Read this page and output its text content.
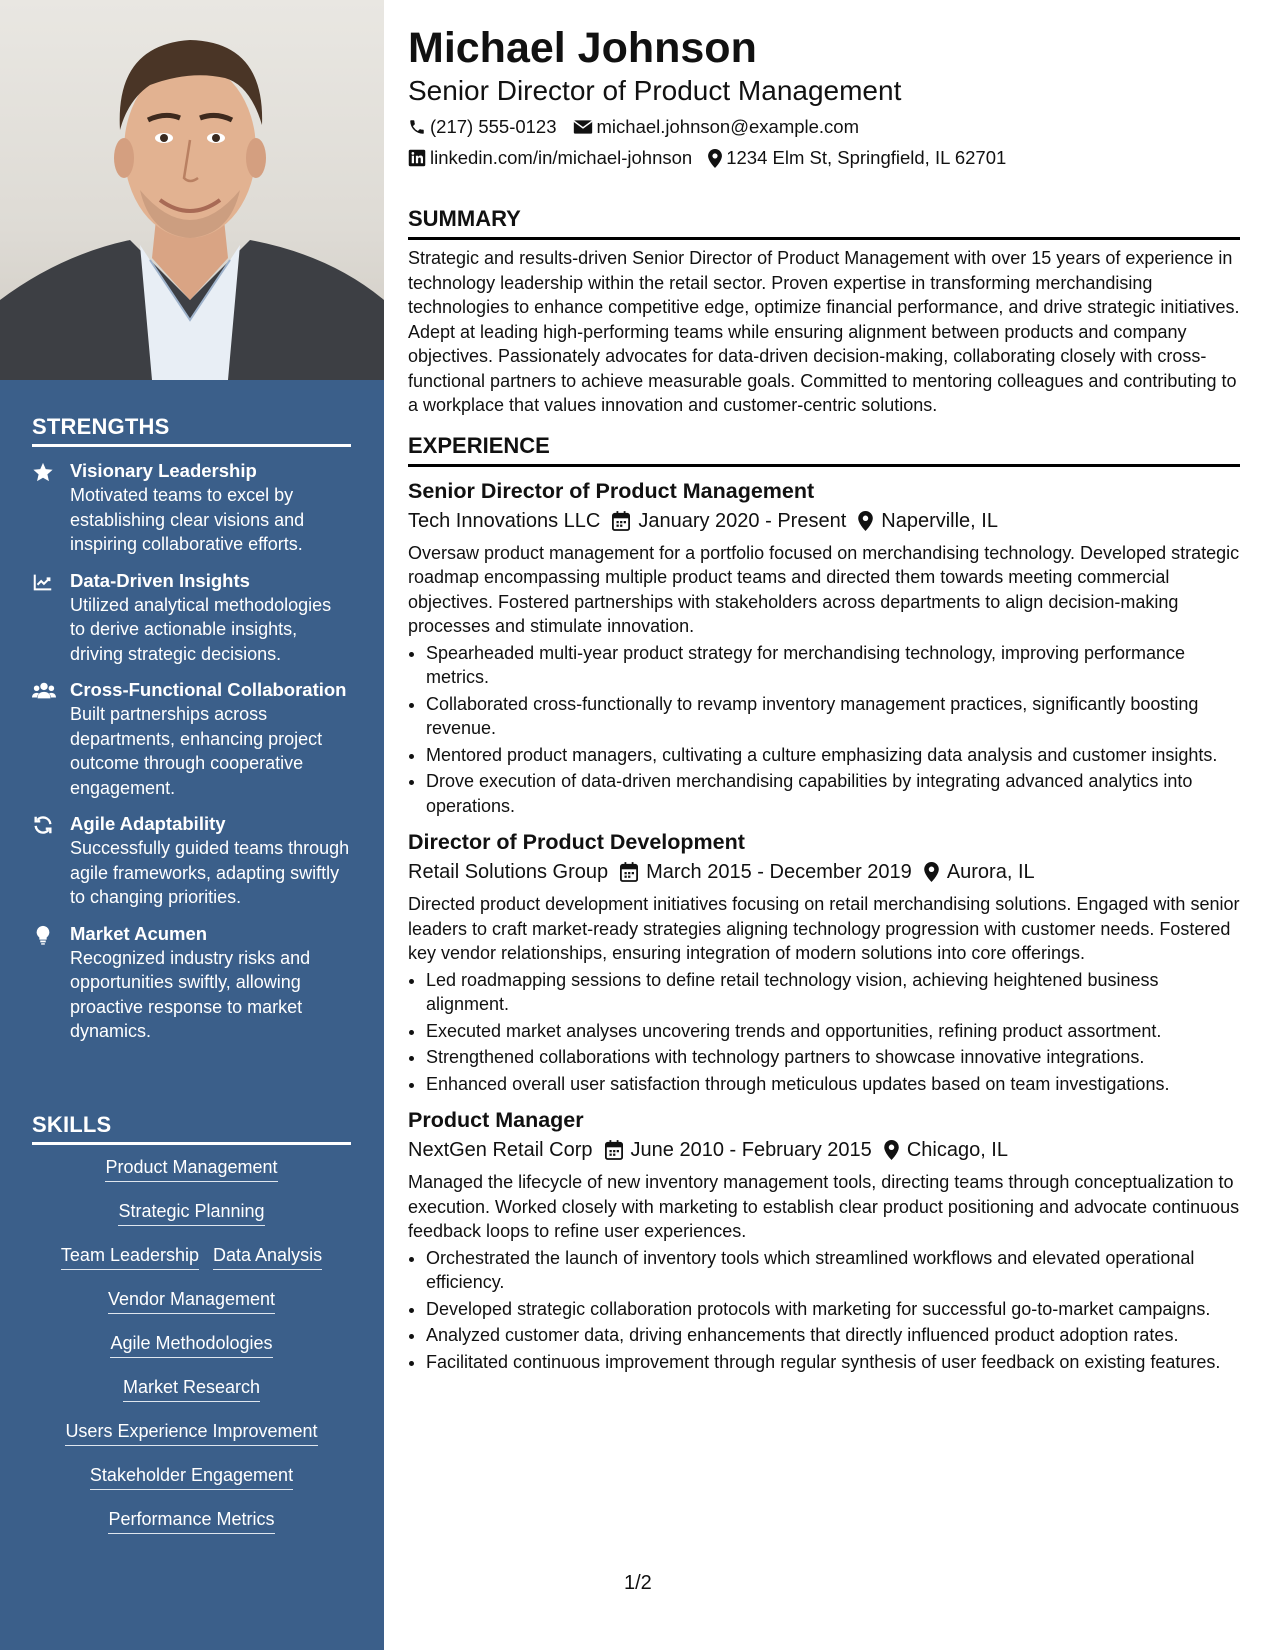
STRENGTHS
Visionary Leadership
Motivated teams to excel by establishing clear visions and inspiring collaborative efforts.
Data-Driven Insights
Utilized analytical methodologies to derive actionable insights, driving strategic decisions.
Cross-Functional Collaboration
Built partnerships across departments, enhancing project outcome through cooperative engagement.
Agile Adaptability
Successfully guided teams through agile frameworks, adapting swiftly to changing priorities.
Market Acumen
Recognized industry risks and opportunities swiftly, allowing proactive response to market dynamics.
SKILLS
Product Management
Strategic Planning
Team Leadership Data Analysis
Vendor Management
Agile Methodologies
Market Research
Users Experience Improvement
Stakeholder Engagement
Performance Metrics
Michael Johnson
Senior Director of Product Management
(217) 555-0123 michael.johnson@example.com
linkedin.com/in/michael-johnson 1234 Elm St, Springfield, IL 62701
SUMMARY
Strategic and results-driven Senior Director of Product Management with over 15 years of experience in technology leadership within the retail sector. Proven expertise in transforming merchandising technologies to enhance competitive edge, optimize financial performance, and drive strategic initiatives. Adept at leading high-performing teams while ensuring alignment between products and company objectives. Passionately advocates for data-driven decision-making, collaborating closely with cross-functional partners to achieve measurable goals. Committed to mentoring colleagues and contributing to a workplace that values innovation and customer-centric solutions.
EXPERIENCE
Senior Director of Product Management
Tech Innovations LLC January 2020 - Present Naperville, IL
Oversaw product management for a portfolio focused on merchandising technology. Developed strategic roadmap encompassing multiple product teams and directed them towards meeting commercial objectives. Fostered partnerships with stakeholders across departments to align decision-making processes and stimulate innovation.
• Spearheaded multi-year product strategy for merchandising technology, improving performance metrics.
• Collaborated cross-functionally to revamp inventory management practices, significantly boosting revenue.
• Mentored product managers, cultivating a culture emphasizing data analysis and customer insights.
• Drove execution of data-driven merchandising capabilities by integrating advanced analytics into operations.
Director of Product Development
Retail Solutions Group March 2015 - December 2019 Aurora, IL
Directed product development initiatives focusing on retail merchandising solutions. Engaged with senior leaders to craft market-ready strategies aligning technology progression with customer needs. Fostered key vendor relationships, ensuring integration of modern solutions into core offerings.
• Led roadmapping sessions to define retail technology vision, achieving heightened business alignment.
• Executed market analyses uncovering trends and opportunities, refining product assortment.
• Strengthened collaborations with technology partners to showcase innovative integrations.
• Enhanced overall user satisfaction through meticulous updates based on team investigations.
Product Manager
NextGen Retail Corp June 2010 - February 2015 Chicago, IL
Managed the lifecycle of new inventory management tools, directing teams through conceptualization to execution. Worked closely with marketing to establish clear product positioning and advocate continuous feedback loops to refine user experiences.
• Orchestrated the launch of inventory tools which streamlined workflows and elevated operational efficiency.
• Developed strategic collaboration protocols with marketing for successful go-to-market campaigns.
• Analyzed customer data, driving enhancements that directly influenced product adoption rates.
• Facilitated continuous improvement through regular synthesis of user feedback on existing features.
1/2
